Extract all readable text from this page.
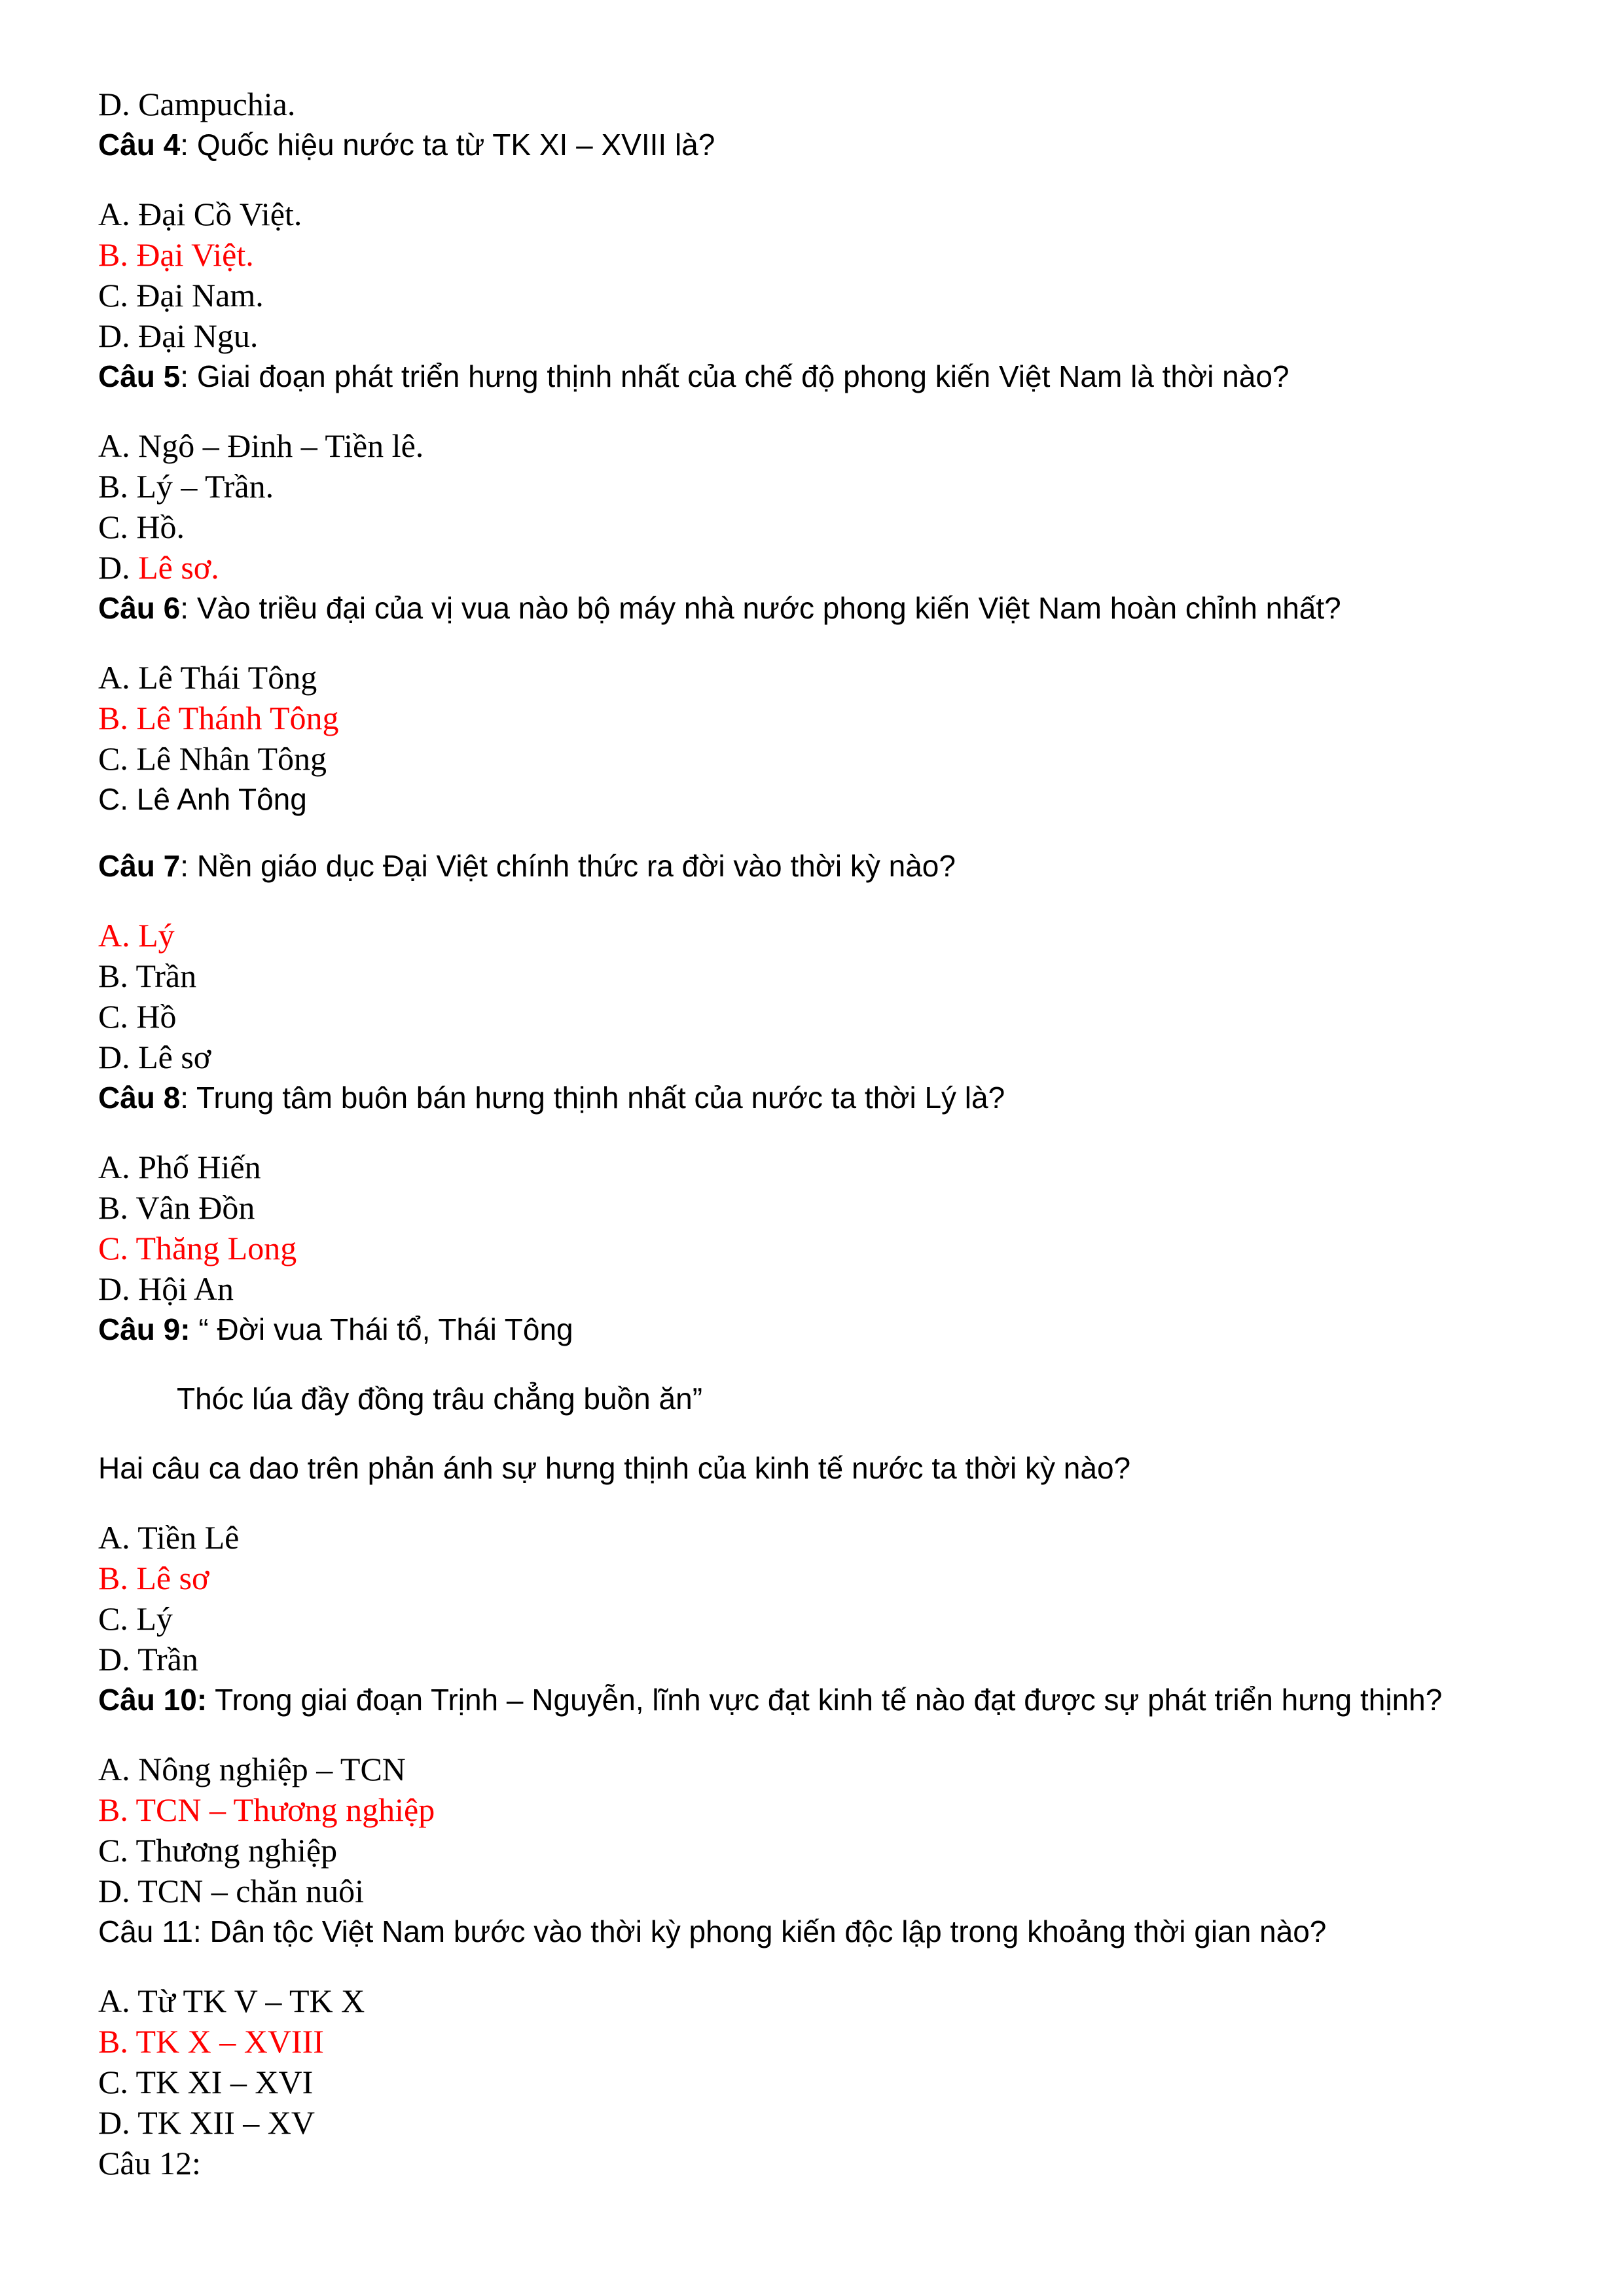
D. Campuchia.
Câu 4: Quốc hiệu nước ta từ TK XI – XVIII là?
A. Đại Cồ Việt.
B. Đại Việt.
C. Đại Nam.
D. Đại Ngu.
Câu 5: Giai đoạn phát triển hưng thịnh nhất của chế độ phong kiến Việt Nam là thời nào?
A. Ngô – Đinh – Tiền lê.
B. Lý – Trần.
C. Hồ.
D. Lê sơ.
Câu 6: Vào triều đại của vị vua nào bộ máy nhà nước phong kiến Việt Nam hoàn chỉnh nhất?
A. Lê Thái Tông
B. Lê Thánh Tông
C. Lê Nhân Tông
C. Lê Anh Tông
Câu 7: Nền giáo dục Đại Việt chính thức ra đời vào thời kỳ nào?
A. Lý
B. Trần
C. Hồ
D. Lê sơ
Câu 8: Trung tâm buôn bán hưng thịnh nhất của nước ta thời Lý là?
A. Phố Hiến
B. Vân Đồn
C. Thăng Long
D. Hội An
Câu 9: “ Đời vua Thái tổ, Thái Tông
Thóc lúa đầy đồng trâu chẳng buồn ăn”
Hai câu ca dao trên phản ánh sự hưng thịnh của kinh tế nước ta thời kỳ nào?
A. Tiền Lê
B. Lê sơ
C. Lý
D. Trần
Câu 10: Trong giai đoạn Trịnh – Nguyễn, lĩnh vực đạt kinh tế nào đạt được sự phát triển hưng thịnh?
A. Nông nghiệp – TCN
B. TCN – Thương nghiệp
C. Thương nghiệp
D. TCN – chăn nuôi
Câu 11: Dân tộc Việt Nam bước vào thời kỳ phong kiến độc lập trong khoảng thời gian nào?
A. Từ TK V – TK X
B. TK X – XVIII
C. TK XI – XVI
D. TK XII – XV
Câu 12:
